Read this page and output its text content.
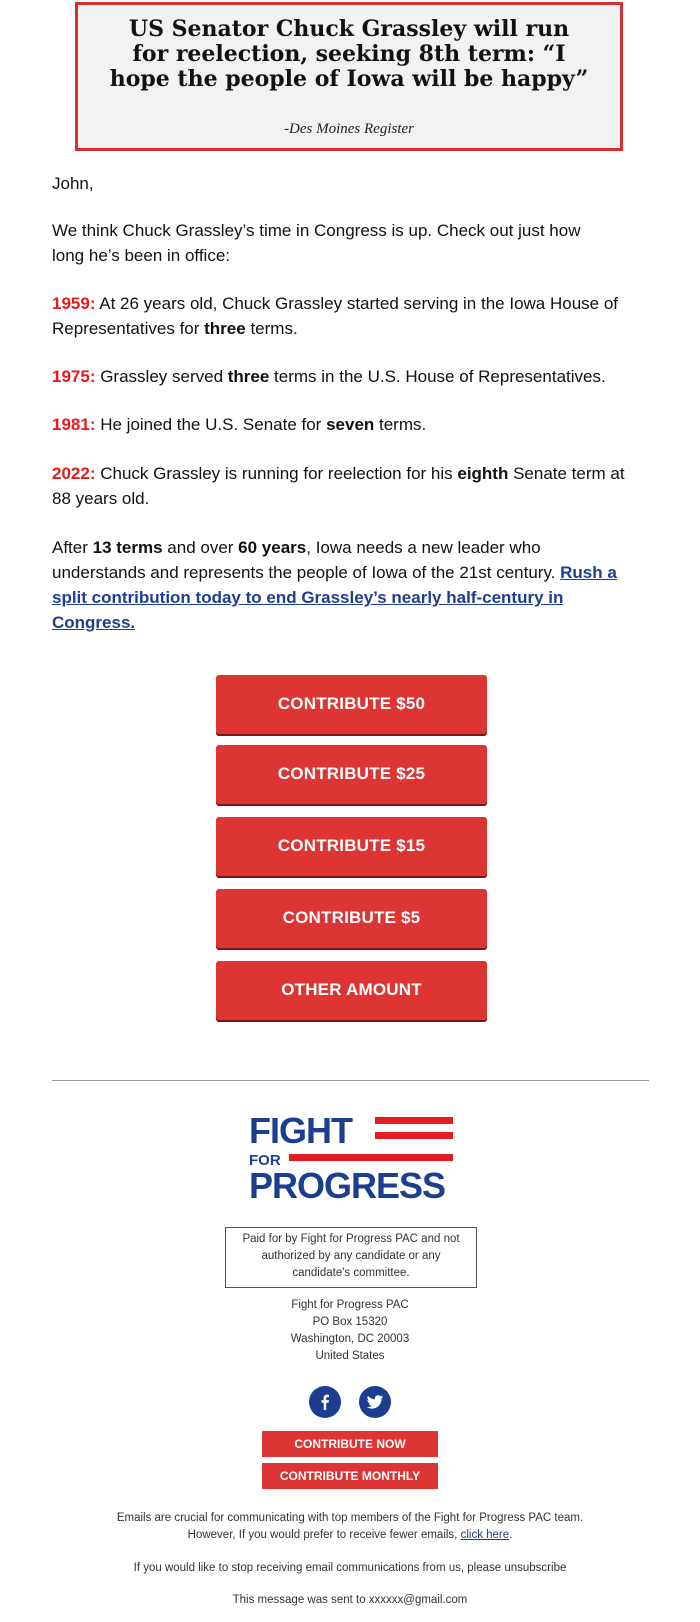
US Senator Chuck Grassley will run for reelection, seeking 8th term: “I hope the people of Iowa will be happy”
-Des Moines Register

John,

We think Chuck Grassley’s time in Congress is up. Check out just how long he’s been in office:

1959: At 26 years old, Chuck Grassley started serving in the Iowa House of Representatives for three terms.

1975: Grassley served three terms in the U.S. House of Representatives.

1981: He joined the U.S. Senate for seven terms.

2022: Chuck Grassley is running for reelection for his eighth Senate term at 88 years old.

After 13 terms and over 60 years, Iowa needs a new leader who understands and represents the people of Iowa of the 21st century. Rush a split contribution today to end Grassley’s nearly half-century in Congress.

CONTRIBUTE $50
CONTRIBUTE $25
CONTRIBUTE $15
CONTRIBUTE $5
OTHER AMOUNT
FIGHT
FOR
PROGRESS
Paid for by Fight for Progress PAC and not authorized by any candidate or any candidate's committee.
Fight for Progress PAC
PO Box 15320
Washington, DC 20003
United States
CONTRIBUTE NOW
CONTRIBUTE MONTHLY
Emails are crucial for communicating with top members of the Fight for Progress PAC team.
However, If you would prefer to receive fewer emails, click here.
If you would like to stop receiving email communications from us, please unsubscribe
This message was sent to xxxxxx@gmail.com
